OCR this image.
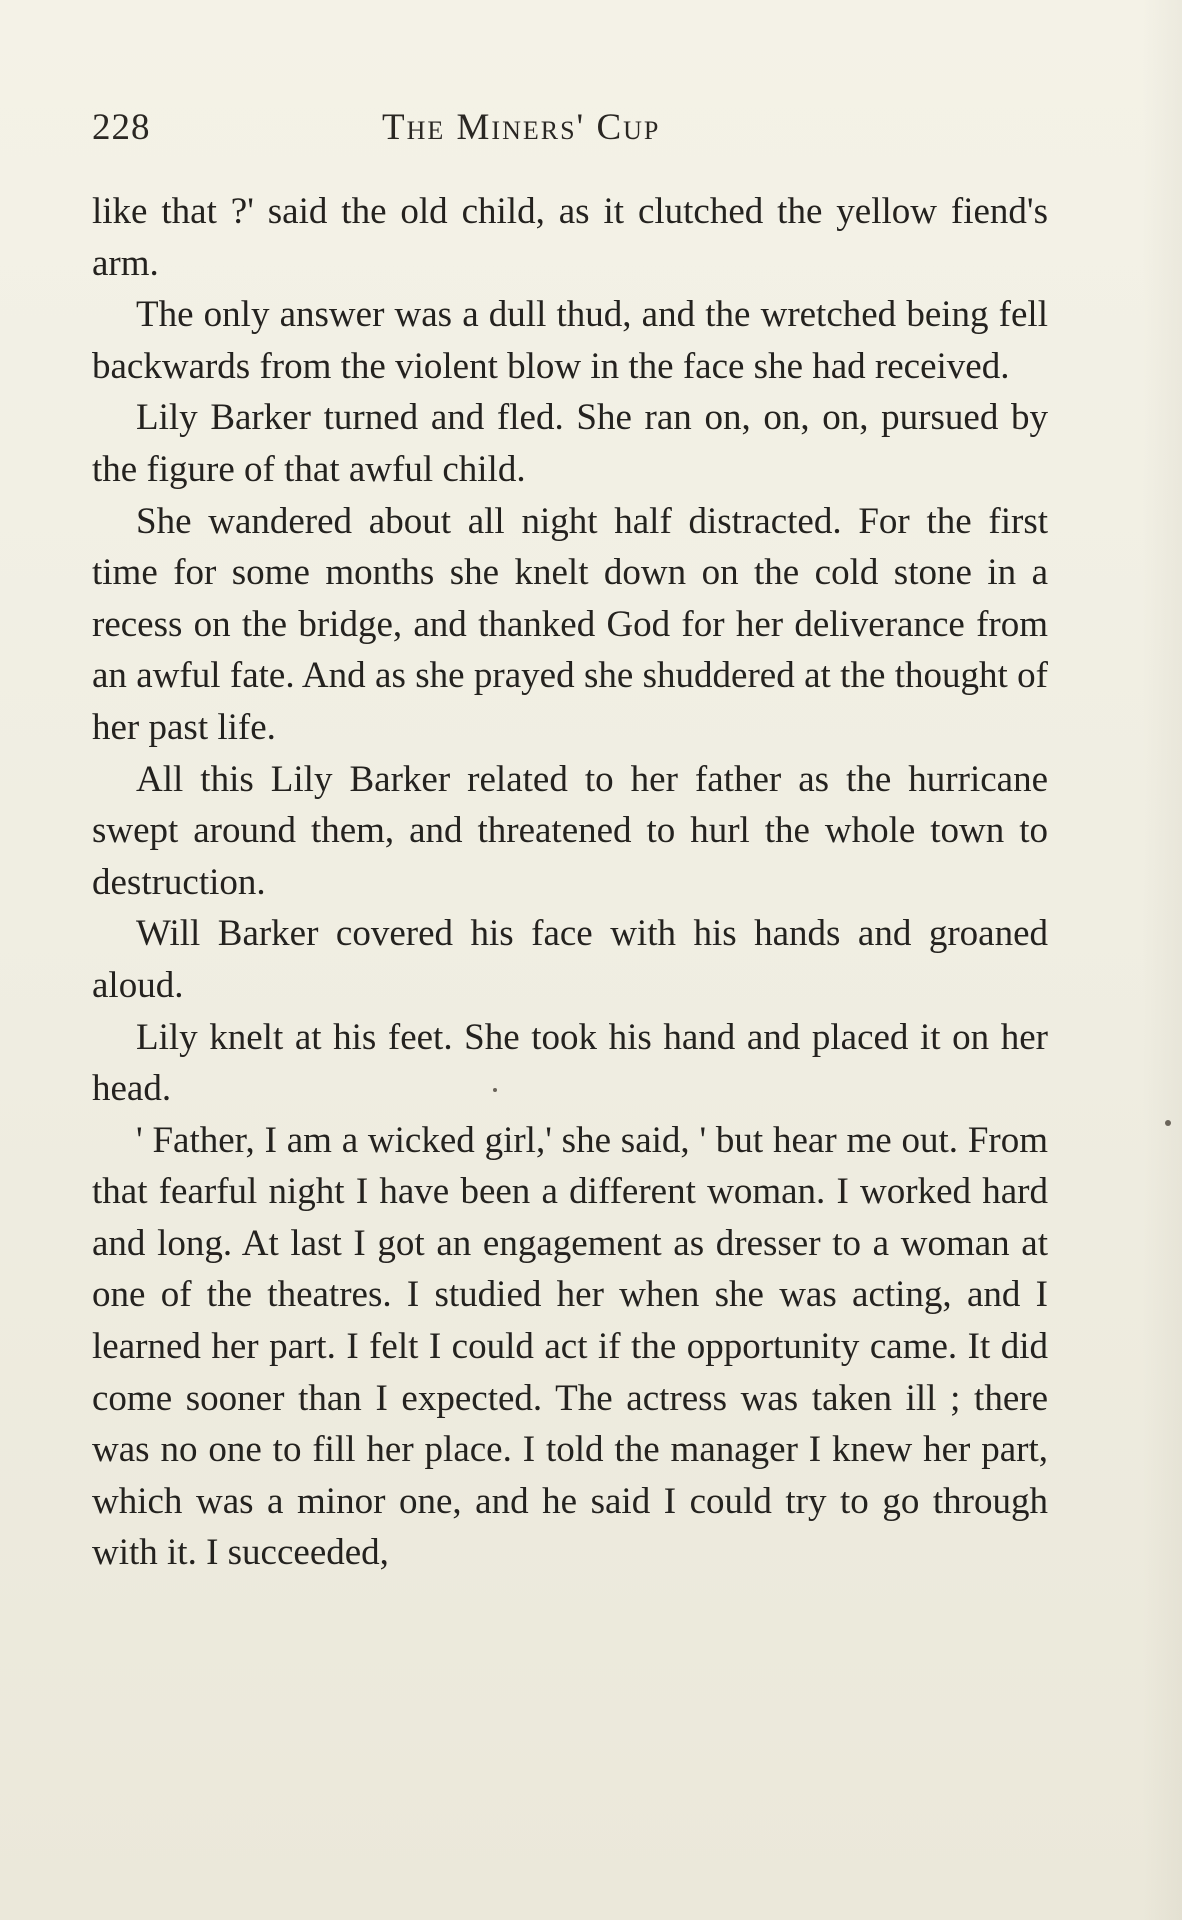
228	The Miners' Cup

like that ?' said the old child, as it clutched the yellow fiend's arm.

The only answer was a dull thud, and the wretched being fell backwards from the violent blow in the face she had received.

Lily Barker turned and fled. She ran on, on, on, pursued by the figure of that awful child.

She wandered about all night half distracted. For the first time for some months she knelt down on the cold stone in a recess on the bridge, and thanked God for her deliverance from an awful fate. And as she prayed she shuddered at the thought of her past life.

All this Lily Barker related to her father as the hurricane swept around them, and threatened to hurl the whole town to destruction.

Will Barker covered his face with his hands and groaned aloud.

Lily knelt at his feet. She took his hand and placed it on her head.

' Father, I am a wicked girl,' she said, ' but hear me out. From that fearful night I have been a different woman. I worked hard and long. At last I got an engagement as dresser to a woman at one of the theatres. I studied her when she was acting, and I learned her part. I felt I could act if the opportunity came. It did come sooner than I expected. The actress was taken ill ; there was no one to fill her place. I told the manager I knew her part, which was a minor one, and he said I could try to go through with it. I succeeded,
